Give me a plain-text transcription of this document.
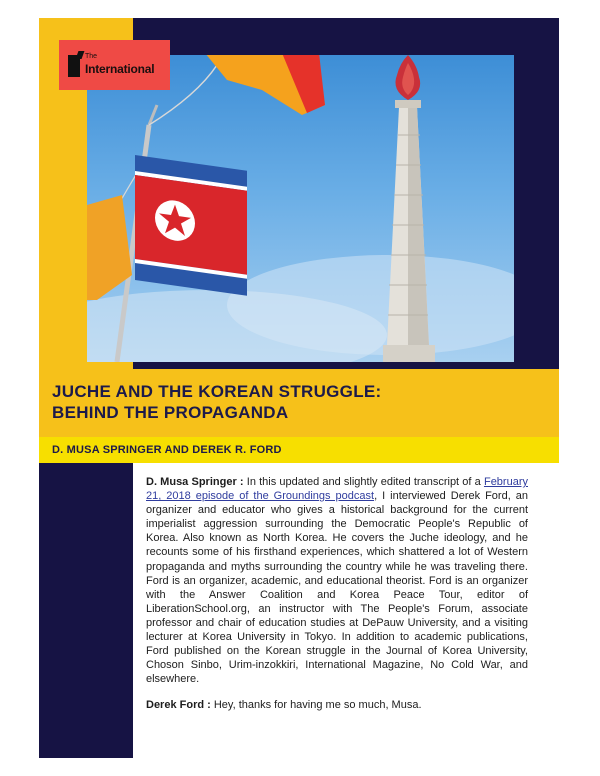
The
International
JUCHE AND THE KOREAN STRUGGLE:
BEHIND THE PROPAGANDA
D. MUSA SPRINGER AND DEREK R. FORD

D. Musa Springer : In this updated and slightly edited transcript of a February 21, 2018 episode of the Groundings podcast, I interviewed Derek Ford, an organizer and educator who gives a historical background for the current imperialist aggression surrounding the Democratic People's Republic of Korea. Also known as North Korea. He covers the Juche ideology, and he recounts some of his firsthand experiences, which shattered a lot of Western propaganda and myths surrounding the country while he was traveling there. Ford is an organizer, academic, and educational theorist. Ford is an organizer with the Answer Coalition and Korea Peace Tour, editor of LiberationSchool.org, an instructor with The People's Forum, associate professor and chair of education studies at DePauw University, and a visiting lecturer at Korea University in Tokyo. In addition to academic publications, Ford published on the Korean struggle in the Journal of Korea University, Choson Sinbo, Urim-inzokkiri, International Magazine, No Cold War, and elsewhere.

Derek Ford : Hey, thanks for having me so much, Musa.
